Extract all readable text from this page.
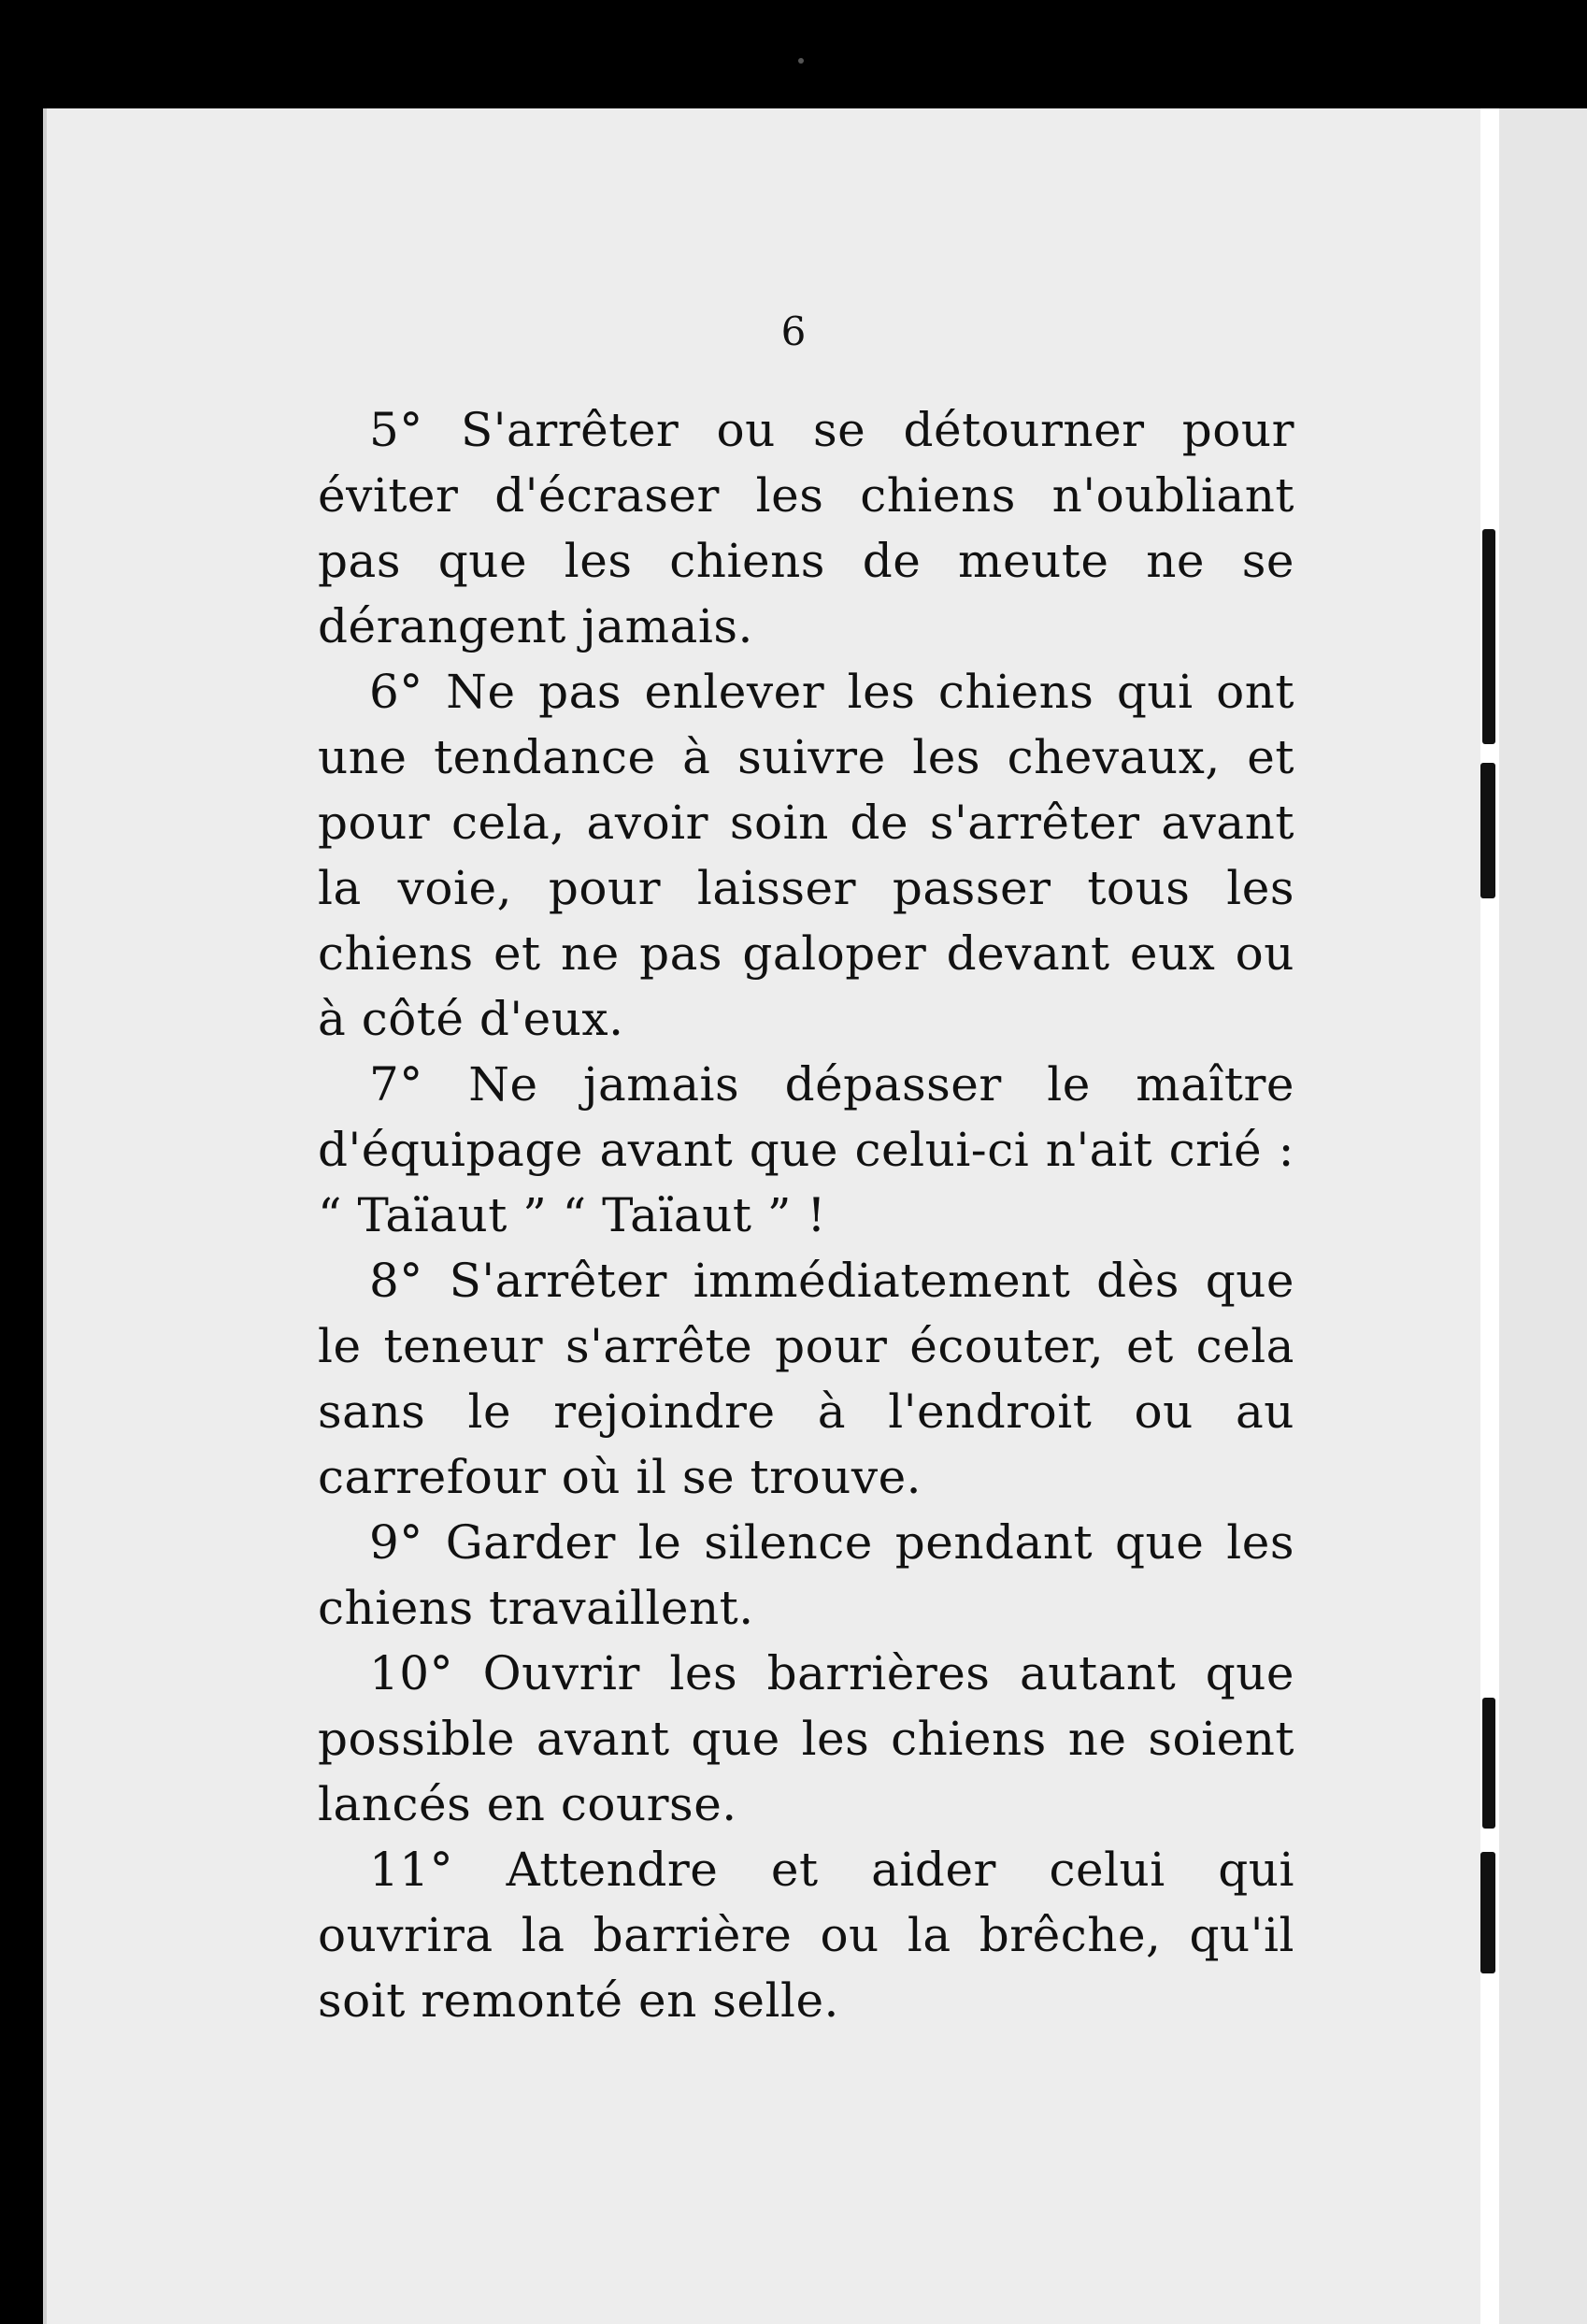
6

5° S'arrêter ou se détourner pour éviter d'écraser les chiens n'oubliant pas que les chiens de meute ne se dérangent jamais.

6° Ne pas enlever les chiens qui ont une tendance à suivre les chevaux, et pour cela, avoir soin de s'arrêter avant la voie, pour laisser passer tous les chiens et ne pas galoper devant eux ou à côté d'eux.

7° Ne jamais dépasser le maître d'équipage avant que celui-ci n'ait crié : “ Taïaut ” “ Taïaut ” !

8° S'arrêter immédiatement dès que le teneur s'arrête pour écouter, et cela sans le rejoindre à l'endroit ou au carrefour où il se trouve.

9° Garder le silence pendant que les chiens travaillent.

10° Ouvrir les barrières autant que possible avant que les chiens ne soient lancés en course.

11° Attendre et aider celui qui ouvrira la barrière ou la brêche, qu'il soit remonté en selle.
